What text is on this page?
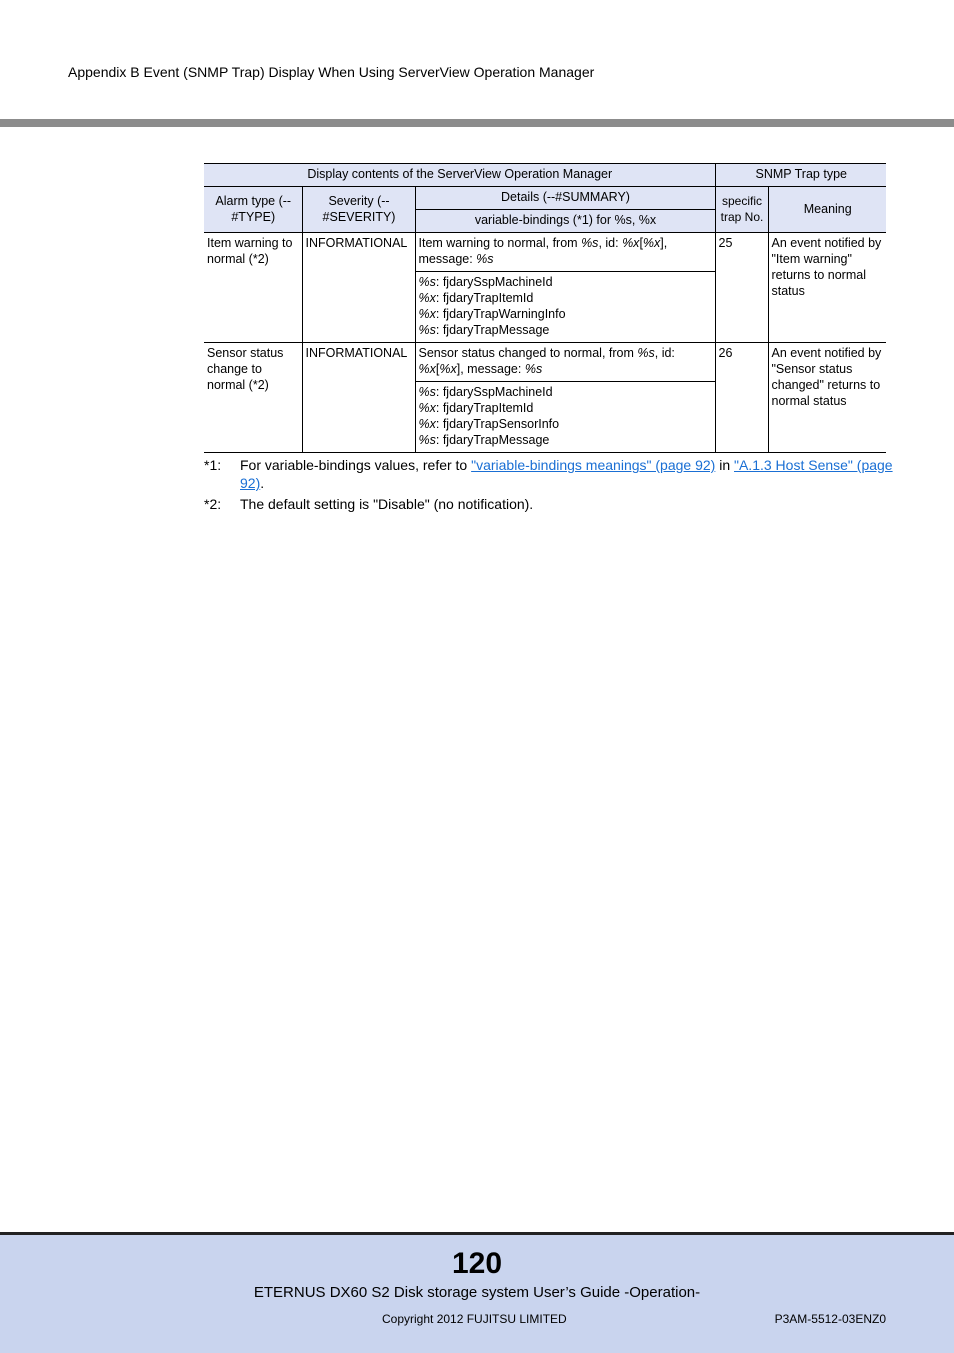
Appendix B Event (SNMP Trap) Display When Using ServerView Operation Manager
Display contents of the ServerView Operation Manager			SNMP Trap type	
Alarm type (--#TYPE)	Severity (--#SEVERITY)	Details (--#SUMMARY)	specific trap No.	Meaning
		variable-bindings (*1) for %s, %x		
Item warning to normal (*2)	INFORMATIONAL	Item warning to normal, from %s, id: %x[%x], message: %s	25	An event notified by "Item warning" returns to normal status

		%s: fjdarySspMachineId
%x: fjdaryTrapItemId
%x: fjdaryTrapWarningInfo
%s: fjdaryTrapMessage		

Sensor status change to normal (*2)	INFORMATIONAL	Sensor status changed to normal, from %s, id: %x[%x], message: %s	26	An event notified by "Sensor status changed" returns to normal status

		%s: fjdarySspMachineId
%x: fjdaryTrapItemId
%x: fjdaryTrapSensorInfo
%s: fjdaryTrapMessage		
*1:	For variable-bindings values, refer to "variable-bindings meanings" (page 92) in "A.1.3 Host Sense" (page 92).
*2:	The default setting is "Disable" (no notification).
120
ETERNUS DX60 S2 Disk storage system User’s Guide -Operation-
Copyright 2012 FUJITSU LIMITED	P3AM-5512-03ENZ0
